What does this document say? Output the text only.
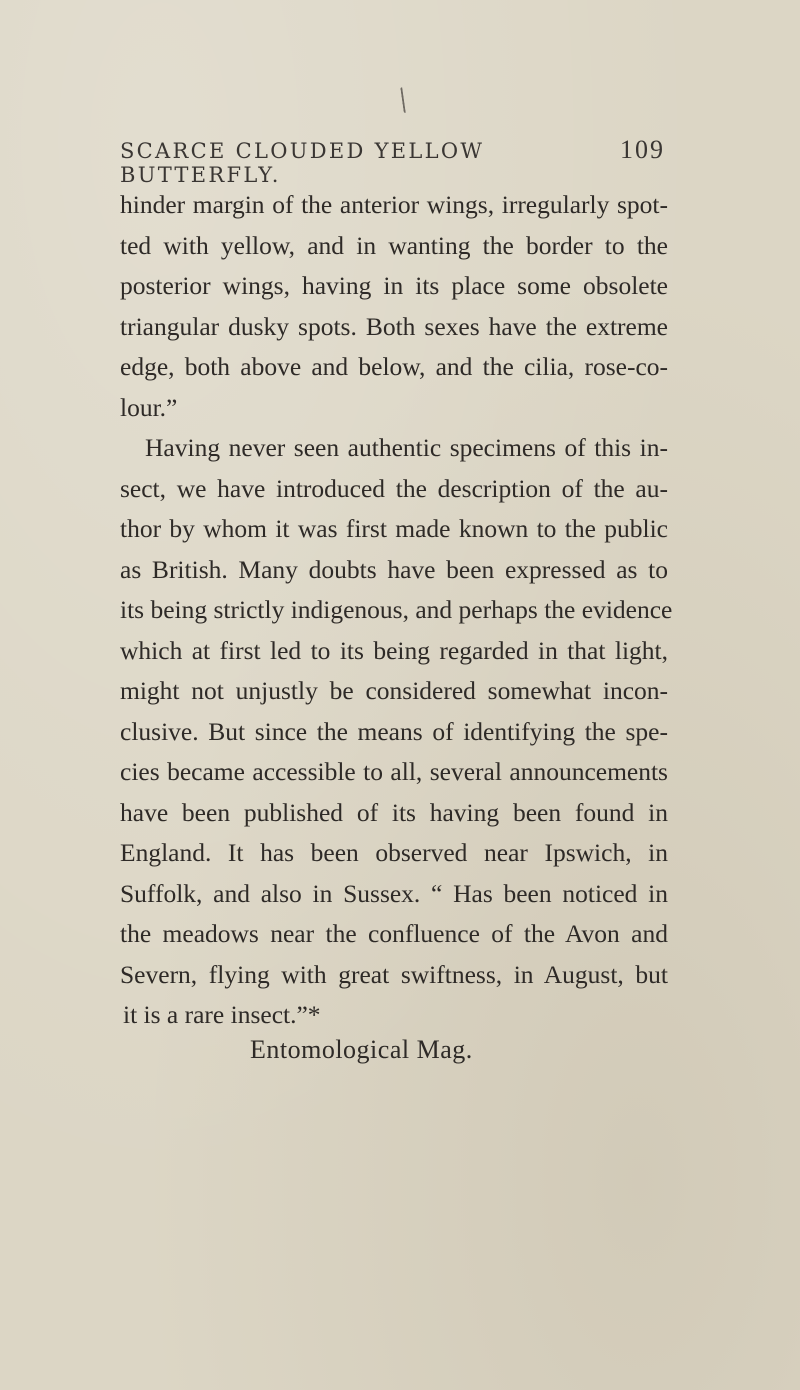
SCARCE CLOUDED YELLOW BUTTERFLY.
109
hinder margin of the anterior wings, irregularly spot-
ted with yellow, and in wanting the border to the
posterior wings, having in its place some obsolete
triangular dusky spots. Both sexes have the extreme
edge, both above and below, and the cilia, rose-co-
lour.”
Having never seen authentic specimens of this in-
sect, we have introduced the description of the au-
thor by whom it was first made known to the public
as British. Many doubts have been expressed as to
its being strictly indigenous, and perhaps the evidence
which at first led to its being regarded in that light,
might not unjustly be considered somewhat incon-
clusive. But since the means of identifying the spe-
cies became accessible to all, several announcements
have been published of its having been found in
England. It has been observed near Ipswich, in
Suffolk, and also in Sussex. “ Has been noticed in
the meadows near the confluence of the Avon and
Severn, flying with great swiftness, in August, but
it is a rare insect.”*
Entomological Mag.
